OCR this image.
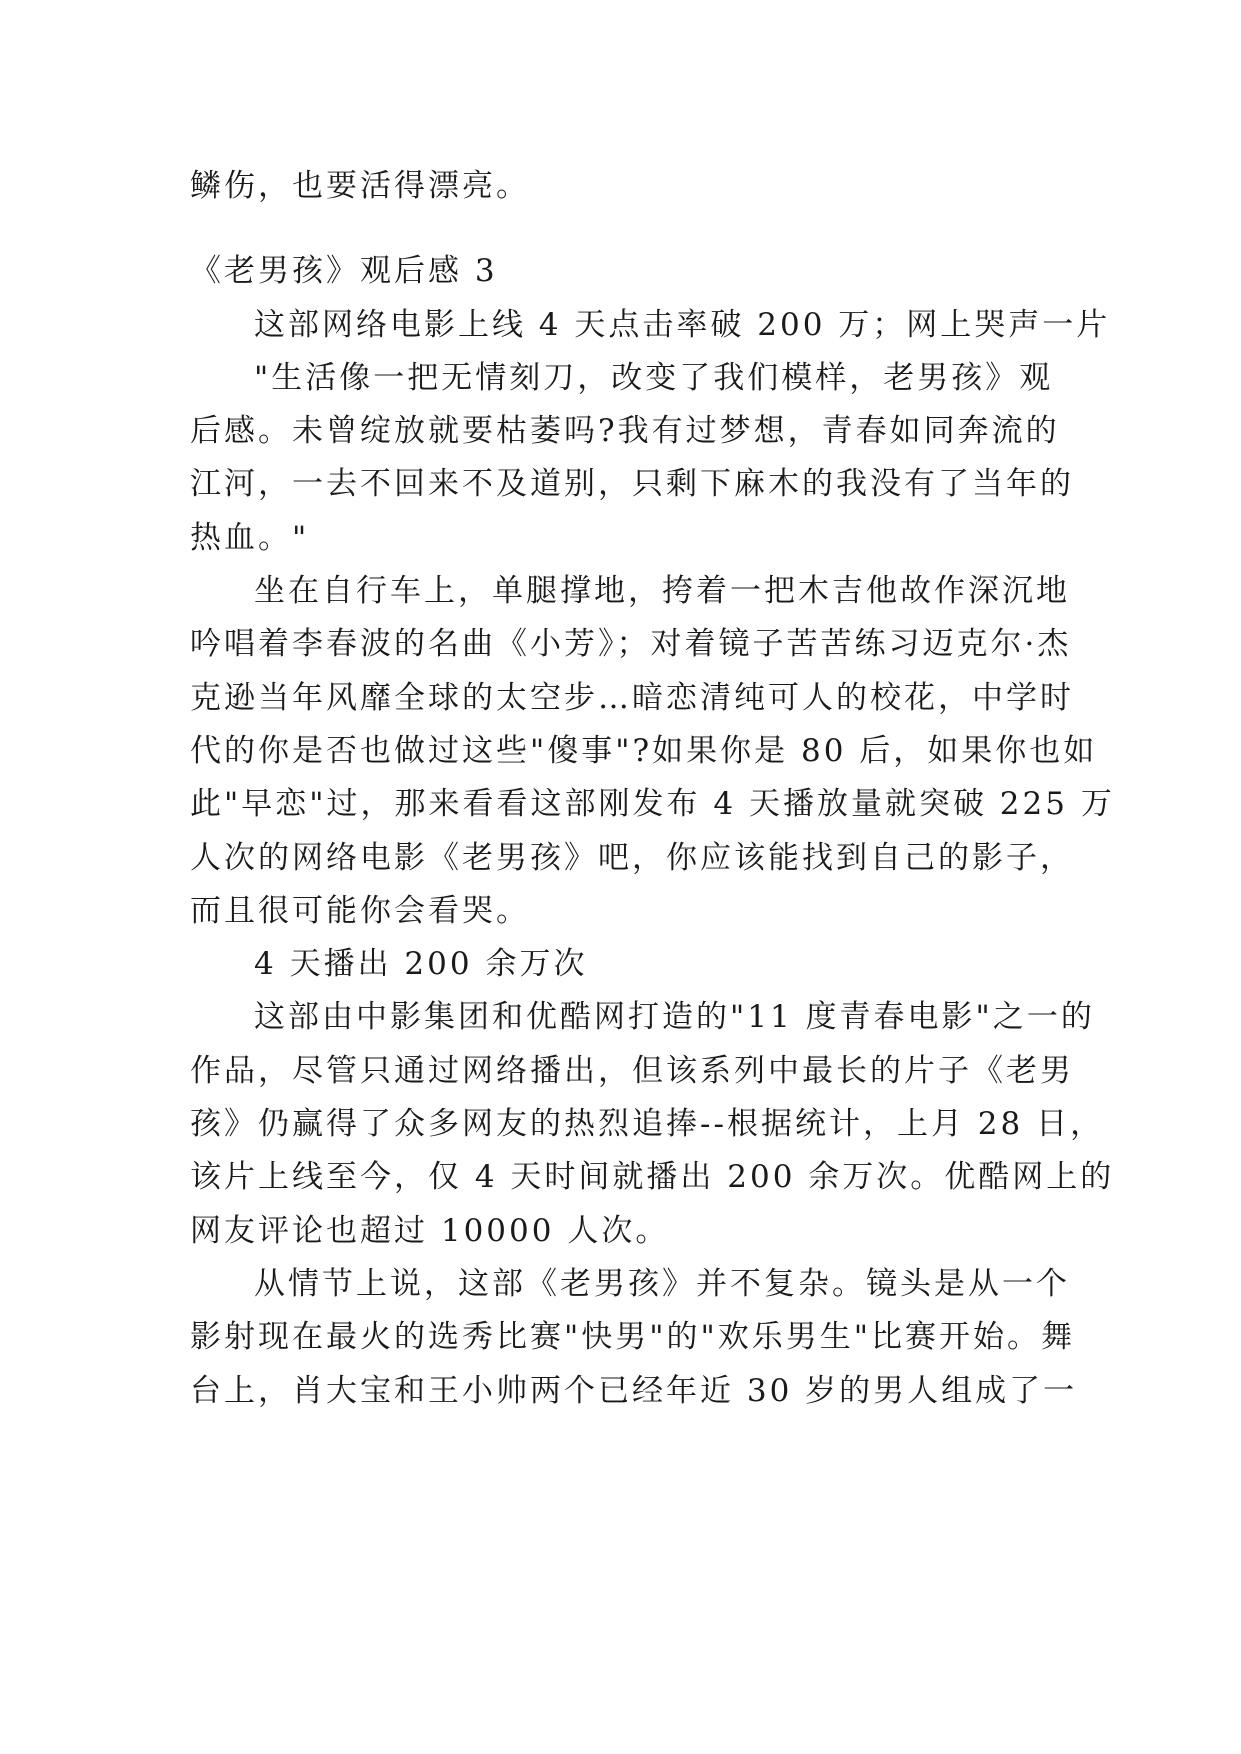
鳞伤，也要活得漂亮。
《老男孩》观后感 3
这部网络电影上线 4 天点击率破 200 万；网上哭声一片
"生活像一把无情刻刀，改变了我们模样，老男孩》观
后感。未曾绽放就要枯萎吗?我有过梦想，青春如同奔流的
江河，一去不回来不及道别，只剩下麻木的我没有了当年的
热血。"
坐在自行车上，单腿撑地，挎着一把木吉他故作深沉地
吟唱着李春波的名曲《小芳》；对着镜子苦苦练习迈克尔·杰
克逊当年风靡全球的太空步…暗恋清纯可人的校花，中学时
代的你是否也做过这些"傻事"?如果你是 80 后，如果你也如
此"早恋"过，那来看看这部刚发布 4 天播放量就突破 225 万
人次的网络电影《老男孩》吧，你应该能找到自己的影子，
而且很可能你会看哭。
4 天播出 200 余万次
这部由中影集团和优酷网打造的"11 度青春电影"之一的
作品，尽管只通过网络播出，但该系列中最长的片子《老男
孩》仍赢得了众多网友的热烈追捧--根据统计，上月 28 日，
该片上线至今，仅 4 天时间就播出 200 余万次。优酷网上的
网友评论也超过 10000 人次。
从情节上说，这部《老男孩》并不复杂。镜头是从一个
影射现在最火的选秀比赛"快男"的"欢乐男生"比赛开始。舞
台上，肖大宝和王小帅两个已经年近 30 岁的男人组成了一
